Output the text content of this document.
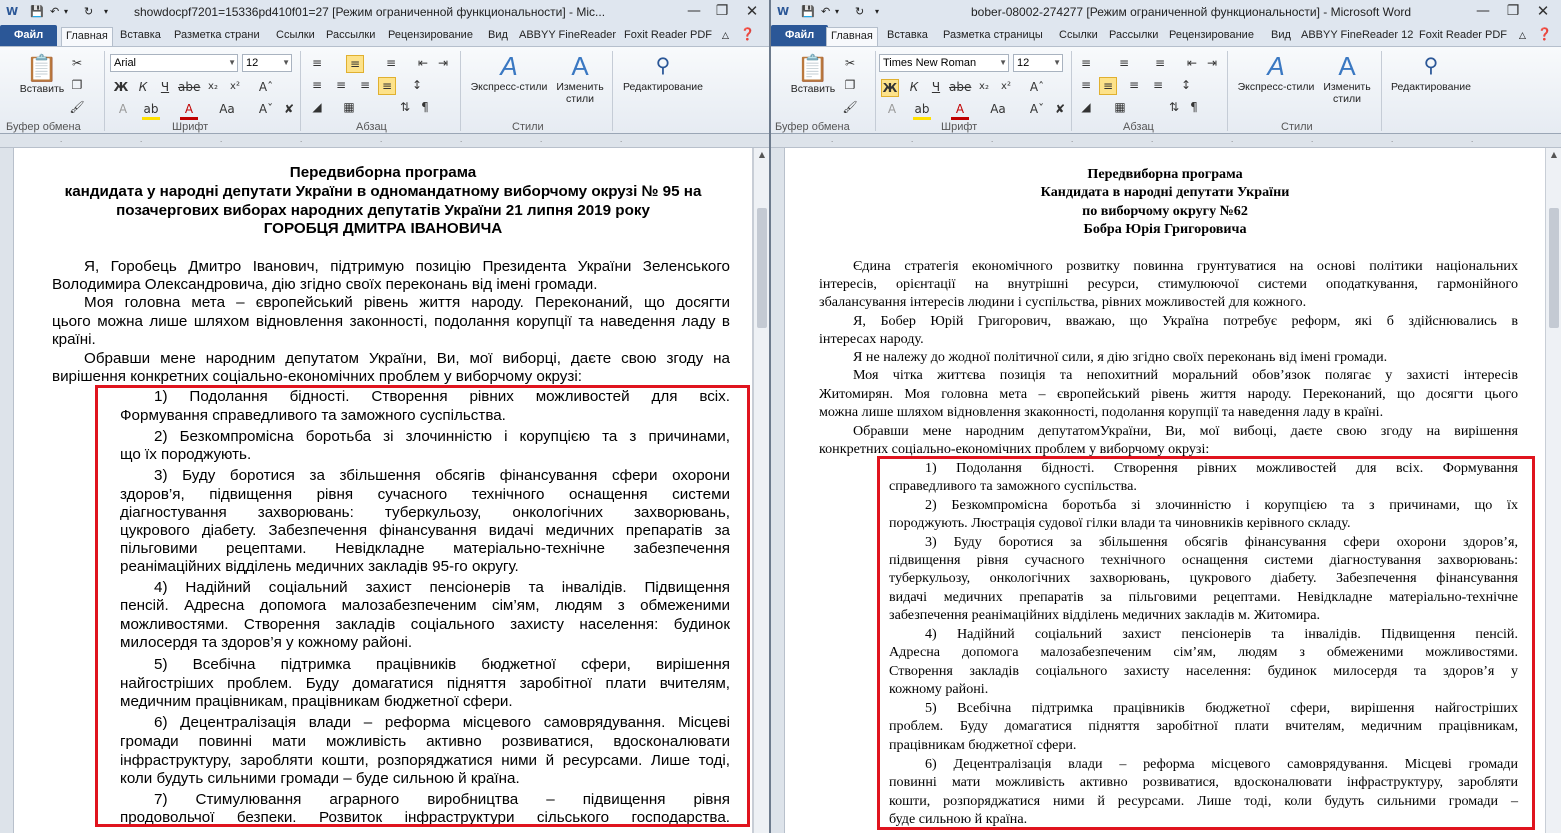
W 💾 ↶ ▾ ↻ ▾ showdocpf7201=15336pd410f01=27 [Режим ограниченной функциональности] - Mic...	—	❐	✕
Файл	Главная	Вставка	Разметка страни	Ссылки	Рассылки	Рецензирование	Вид	ABBYY FineReader Foxit Reader PDF	△ ❓
📋
Вставить
✂
❐
🖌
Буфер обмена
Arial	▼ 12	▼
Ж К	Ч abe x₂	x²
A	ab	A	Aa
Aˆ
Aˇ ✘
Шрифт
≡	≡	≡	⇤ ⇥
≡	≡	≡ ≡	↕
◢	▦	⇅ ¶
Абзац
A
Экспресс-стили
A
Изменить
стили
Стили
⚲
Редактирование
·	·	·	·	·	·	·	·

Передвиборна програма

кандидата у народні депутати України в одномандатному виборчому окрузі № 95 на

позачергових виборах народних депутатів України 21 липня 2019 року

ГОРОБЦЯ ДМИТРА ІВАНОВИЧА

Я, Горобець Дмитро Іванович, підтримую позицію Президента України Зеленського

Володимира Олександровича, дію згідно своїх переконань від імені громади.

Моя головна мета – європейський рівень життя народу. Переконаний, що досягти

цього можна лише шляхом відновлення законності, подолання корупції та наведення ладу в

країні.

Обравши мене народним депутатом України, Ви, мої виборці, даєте свою згоду на

вирішення конкретних соціально-економічних проблем у виборчому окрузі:

1) Подолання бідності. Створення рівних можливостей для всіх.

Формування справедливого та заможного суспільства.

2) Безкомпромісна боротьба зі злочинністю і корупцією та з причинами,

що їх породжують.

3) Буду боротися за збільшення обсягів фінансування сфери охорони

здоров’я, підвищення рівня сучасного технічного оснащення системи

діагностування захворювань: туберкульозу, онкологічних захворювань,

цукрового діабету. Забезпечення фінансування видачі медичних препаратів за

пільговими рецептами. Невідкладне матеріально-технічне забезпечення

реанімаційних відділень медичних закладів 95-го округу.

4) Надійний соціальний захист пенсіонерів та інвалідів. Підвищення

пенсій. Адресна допомога малозабезпеченим сім’ям, людям з обмеженими

можливостями. Створення закладів соціального захисту населення: будинок

милосердя та здоров’я у кожному районі.

5) Всебічна підтримка працівників бюджетної сфери, вирішення

найгостріших проблем. Буду домагатися підняття заробітної плати вчителям,

медичним працівникам, працівникам бюджетної сфери.

6) Децентралізація влади – реформа місцевого самоврядування. Місцеві

громади повинні мати можливість активно розвиватися, вдосконалювати

інфраструктуру, заробляти кошти, розпоряджатися ними й ресурсами. Лише тоді,

коли будуть сильними громади – буде сильною й країна.

7) Стимулювання аграрного виробництва – підвищення рівня

продовольчої безпеки. Розвиток інфраструктури сільського господарства.

▲
W 💾 ↶ ▾ ↻ ▾	bober-08002-274277 [Режим ограниченной функциональности] - Microsoft Word	—	❐	✕
Файл	Главная	Вставка	Разметка страницы	Ссылки	Рассылки Рецензирование	Вид ABBYY FineReader 12 Foxit Reader PDF	△ ❓
📋
Вставить
✂
❐
🖌
Буфер обмена
Times New Roman	▼ 12	▼
Ж	К	Ч abe x₂	x²
A	ab	A	Aa
Aˆ
Aˇ ✘
Шрифт
≡	≡	≡	⇤ ⇥
≡ ≡	≡	≡	↕
◢	▦	⇅ ¶
Абзац
A
Экспресс-стили
A
Изменить
стили
Стили
⚲
Редактирование
·	·	·	·	·	·	·	·	·

Передвиборна програма

Кандидата в народні депутати України

по виборчому округу №62

Бобра Юрія Григоровича

Єдина стратегія економічного розвитку повинна грунтуватися на основі політики національних

інтересів, орієнтації на внутрішні ресурси, стимулюючої системи оподаткування, гармонійного

збалансування інтересів людини і суспільства, рівних можливостей для кожного.

Я, Бобер Юрій Григорович, вважаю, що Україна потребує реформ, які б здійснювались в

інтересах народу.

Я не належу до жодної політичної сили, я дію згідно своїх переконань від імені громади.

Моя чітка життєва позиція та непохитний моральний обов’язок полягає у захисті інтересів

Житомирян. Моя головна мета – європейський рівень життя народу. Переконаний, що досягти цього

можна лише шляхом відновлення зкаконності, подолання корупції та наведення ладу в країні.

Обравши мене народним депутатомУкраїни, Ви, мої вибоці, даєте свою згоду на вирішення

конкретних соціально-економічних проблем у виборчому окрузі:

1) Подолання бідності. Створення рівних можливостей для всіх. Формування

справедливого та заможного суспільства.

2) Безкомпромісна боротьба зі злочинністю і корупцією та з причинами, що їх

породжують. Люстрація судової гілки влади та чиновників керівного складу.

3) Буду боротися за збільшення обсягів фінансування сфери охорони здоров’я,

підвищення рівня сучасного технічного оснащення системи діагностування захворювань:

туберкульозу, онкологічних захворювань, цукрового діабету. Забезпечення фінансування

видачі медичних препаратів за пільговими рецептами. Невідкладне матеріально-технічне

забезпечення реанімаційних відділень медичних закладів м. Житомира.

4) Надійний соціальний захист пенсіонерів та інвалідів. Підвищення пенсій.

Адресна допомога малозабезпеченим сім’ям, людям з обмеженими можливостями.

Створення закладів соціального захисту населення: будинок милосердя та здоров’я у

кожному районі.

5) Всебічна підтримка працівників бюджетної сфери, вирішення найгостріших

проблем. Буду домагатися підняття заробітної плати вчителям, медичним працівникам,

працівникам бюджетної сфери.

6) Децентралізація влади – реформа місцевого самоврядування. Місцеві громади

повинні мати можливість активно розвиватися, вдосконалювати інфраструктуру, заробляти

кошти, розпоряджатися ними й ресурсами. Лише тоді, коли будуть сильними громади –

буде сильною й країна.

▲
